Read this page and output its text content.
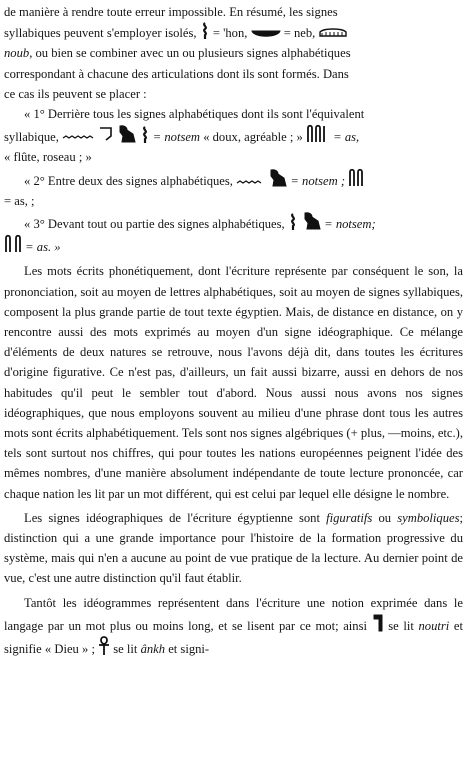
de manière à rendre toute erreur impossible. En résumé, les signes

syllabiques peuvent s'employer isolés, = 'hon,	= neb,

noub, ou bien se combiner avec un ou plusieurs signes alphabétiques

correspondant à chacune des articulations dont ils sont formés. Dans

ce cas ils peuvent se placer :

« 1° Derrière tous les signes alphabétiques dont ils sont l'équivalent

syllabique,	= notsem « doux, agréable ; » = as,

« flûte, roseau ; »

« 2° Entre deux des signes alphabétiques,	= notsem ;

= as, ;

« 3° Devant tout ou partie des signes alphabétiques,	= notsem;

= as. »

Les mots écrits phonétiquement, dont l'écriture représente par conséquent le son, la prononciation, soit au moyen de lettres alphabétiques, soit au moyen de signes syllabiques, composent la plus grande partie de tout texte égyptien. Mais, de distance en distance, on y rencontre aussi des mots exprimés au moyen d'un signe idéographique. Ce mélange d'éléments de deux natures se retrouve, nous l'avons déjà dit, dans toutes les écritures d'origine figurative. Ce n'est pas, d'ailleurs, un fait aussi bizarre, aussi en dehors de nos habitudes qu'il peut le sembler tout d'abord. Nous aussi nous avons nos signes idéographiques, que nous employons souvent au milieu d'une phrase dont tous les autres mots sont écrits alphabétiquement. Tels sont nos signes algébriques (+ plus, —moins, etc.), tels sont surtout nos chiffres, qui pour toutes les nations européennes peignent l'idée des mêmes nombres, d'une manière absolument indépendante de toute lecture prononcée, car chaque nation les lit par un mot différent, qui est celui par lequel elle désigne le nombre.

Les signes idéographiques de l'écriture égyptienne sont figuratifs ou symboliques; distinction qui a une grande importance pour l'histoire de la formation progressive du système, mais qui n'en a aucune au point de vue pratique de la lecture. Au dernier point de vue, c'est une autre distinction qu'il faut établir.

Tantôt les idéogrammes représentent dans l'écriture une notion exprimée dans le langage par un mot plus ou moins long, et se lisent par ce mot; ainsi se lit noutri et signifie « Dieu » ; se lit ânkh et signi-
